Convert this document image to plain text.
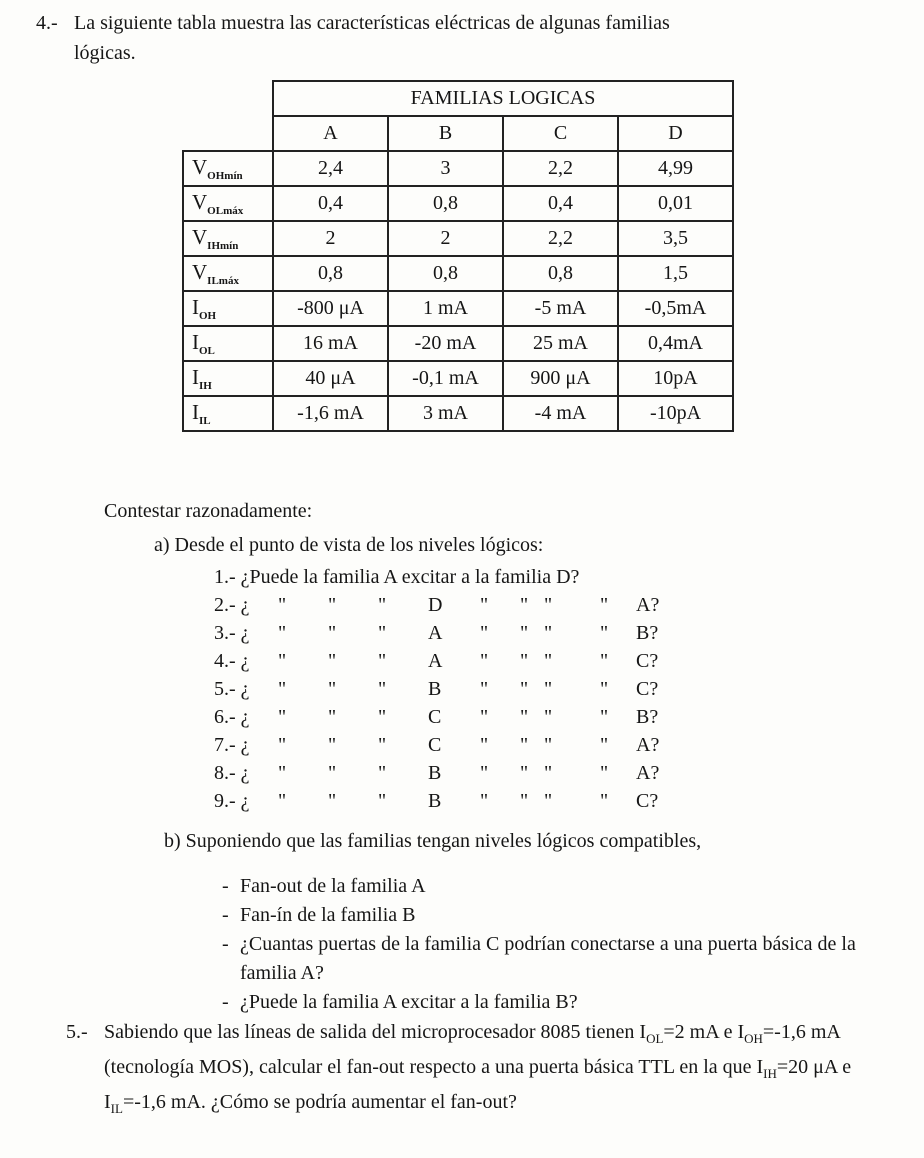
4.- La siguiente tabla muestra las características eléctricas de algunas familias
lógicas.
	FAMILIAS LOGICAS			
	A	B	C	D
$V_{OHmín}$	2,4	3	2,2	4,99
$V_{OLmáx}$	0,4	0,8	0,4	0,01
$V_{IHmín}$	2	2	2,2	3,5
$V_{ILmáx}$	0,8	0,8	0,8	1,5
$I_{OH}$	-800 μA	1 mA	-5 mA	-0,5mA
$I_{OL}$	16 mA	-20 mA	25 mA	0,4mA
$I_{IH}$	40 μA	-0,1 mA	900 μA	10pA
$I_{IL}$	-1,6 mA	3 mA	-4 mA	-10pA
Contestar razonadamente:
a) Desde el punto de vista de los niveles lógicos:
1.- ¿Puede la familia A excitar a la familia D?
2.- ¿ " " " D " " " " A?
3.- ¿ " " " A " " " " B?
4.- ¿ " " " A " " " " C?
5.- ¿ " " " B " " " " C?
6.- ¿ " " " C " " " " B?
7.- ¿ " " " C " " " " A?
8.- ¿ " " " B " " " " A?
9.- ¿ " " " B " " " " C?
b) Suponiendo que las familias tengan niveles lógicos compatibles,
- Fan-out de la familia A
- Fan-ín de la familia B
- ¿Cuantas puertas de la familia C podrían conectarse a una puerta básica de la familia A?
- ¿Puede la familia A excitar a la familia B?
5.- Sabiendo que las líneas de salida del microprocesador 8085 tienen $I_{OL}=2$ mA e $I_{OH}=-1,6$ mA (tecnología MOS), calcular el fan-out respecto a una puerta básica TTL en la que $I_{IH}=20$ μA e $I_{IL}=-1,6$ mA. ¿Cómo se podría aumentar el fan-out?
